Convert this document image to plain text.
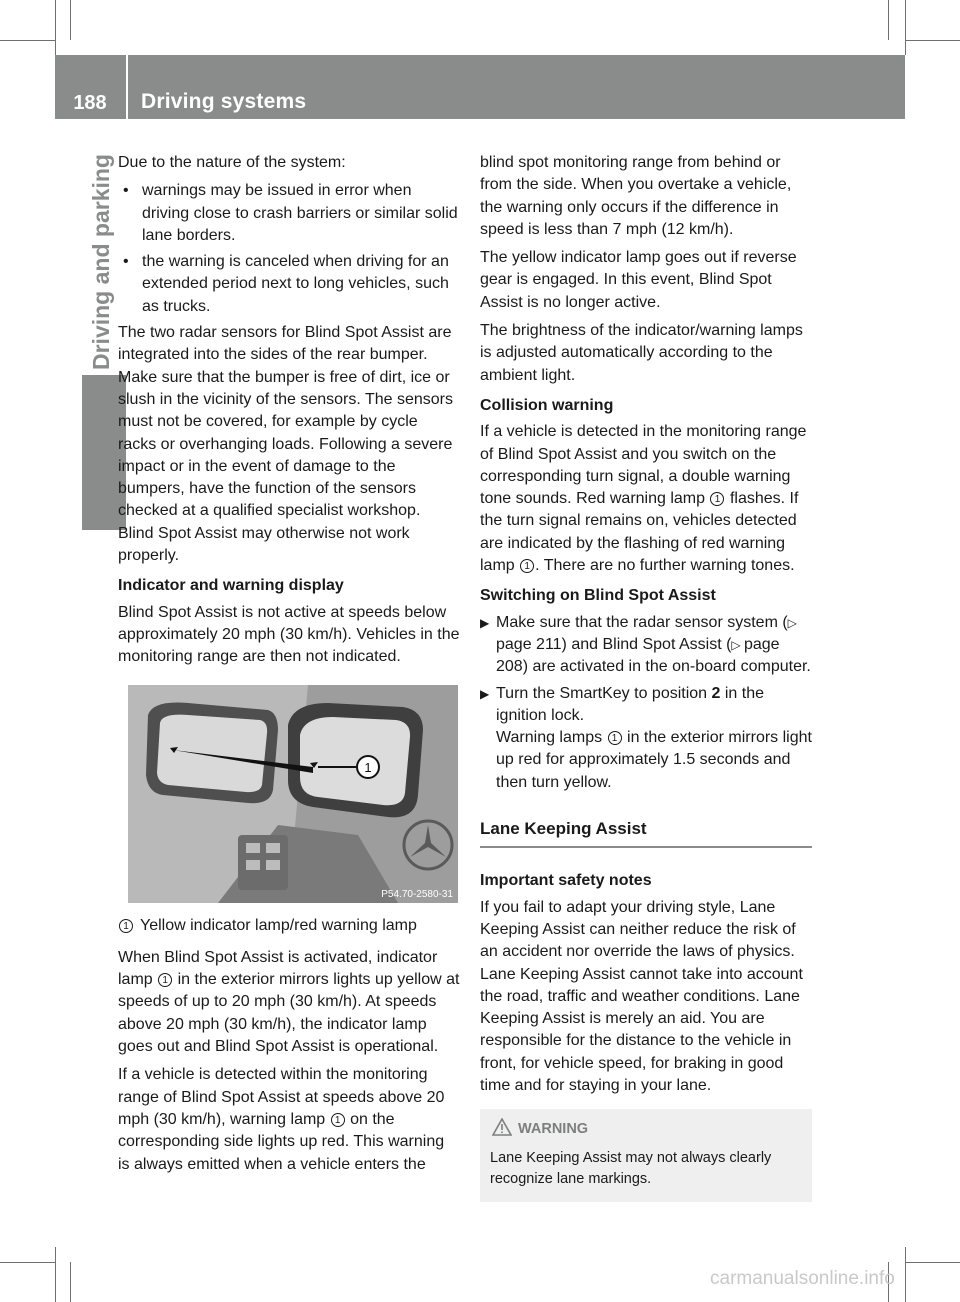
188	Driving systems
Driving and parking Due to the nature of the system:

• warnings may be issued in error when driving close to crash barriers or similar solid lane borders.
• the warning is canceled when driving for an extended period next to long vehicles, such as trucks.

The two radar sensors for Blind Spot Assist are integrated into the sides of the rear bumper. Make sure that the bumper is free of dirt, ice or slush in the vicinity of the sensors. The sensors must not be covered, for example by cycle racks or overhanging loads. Following a severe impact or in the event of damage to the bumpers, have the function of the sensors checked at a qualified specialist workshop. Blind Spot Assist may otherwise not work properly.

Indicator and warning display

Blind Spot Assist is not active at speeds below approximately 20 mph (30 km/h). Vehicles in the monitoring range are then not indicated.

1
P54.70-2580-31
1 Yellow indicator lamp/red warning lamp

When Blind Spot Assist is activated, indicator lamp 1 in the exterior mirrors lights up yellow at speeds of up to 20 mph (30 km/h). At speeds above 20 mph (30 km/h), the indicator lamp goes out and Blind Spot Assist is operational.

If a vehicle is detected within the monitoring range of Blind Spot Assist at speeds above 20 mph (30 km/h), warning lamp 1 on the corresponding side lights up red. This warning is always emitted when a vehicle enters the

blind spot monitoring range from behind or from the side. When you overtake a vehicle, the warning only occurs if the difference in speed is less than 7 mph (12 km/h).

The yellow indicator lamp goes out if reverse gear is engaged. In this event, Blind Spot Assist is no longer active.

The brightness of the indicator/warning lamps is adjusted automatically according to the ambient light.

Collision warning

If a vehicle is detected in the monitoring range of Blind Spot Assist and you switch on the corresponding turn signal, a double warning tone sounds. Red warning lamp 1 flashes. If the turn signal remains on, vehicles detected are indicated by the flashing of red warning lamp 1 . There are no further warning tones.

Switching on Blind Spot Assist

▶ Make sure that the radar sensor system (▷ page 211) and Blind Spot Assist (▷ page 208) are activated in the on-board computer.
▶ Turn the SmartKey to position 2 in the ignition lock.
Warning lamps 1 in the exterior mirrors light up red for approximately 1.5 seconds and then turn yellow.
Lane Keeping Assist

Important safety notes

If you fail to adapt your driving style, Lane Keeping Assist can neither reduce the risk of an accident nor override the laws of physics. Lane Keeping Assist cannot take into account the road, traffic and weather conditions. Lane Keeping Assist is merely an aid. You are responsible for the distance to the vehicle in front, for vehicle speed, for braking in good time and for staying in your lane.

WARNING
Lane Keeping Assist may not always clearly recognize lane markings.
carmanualsonline.info
